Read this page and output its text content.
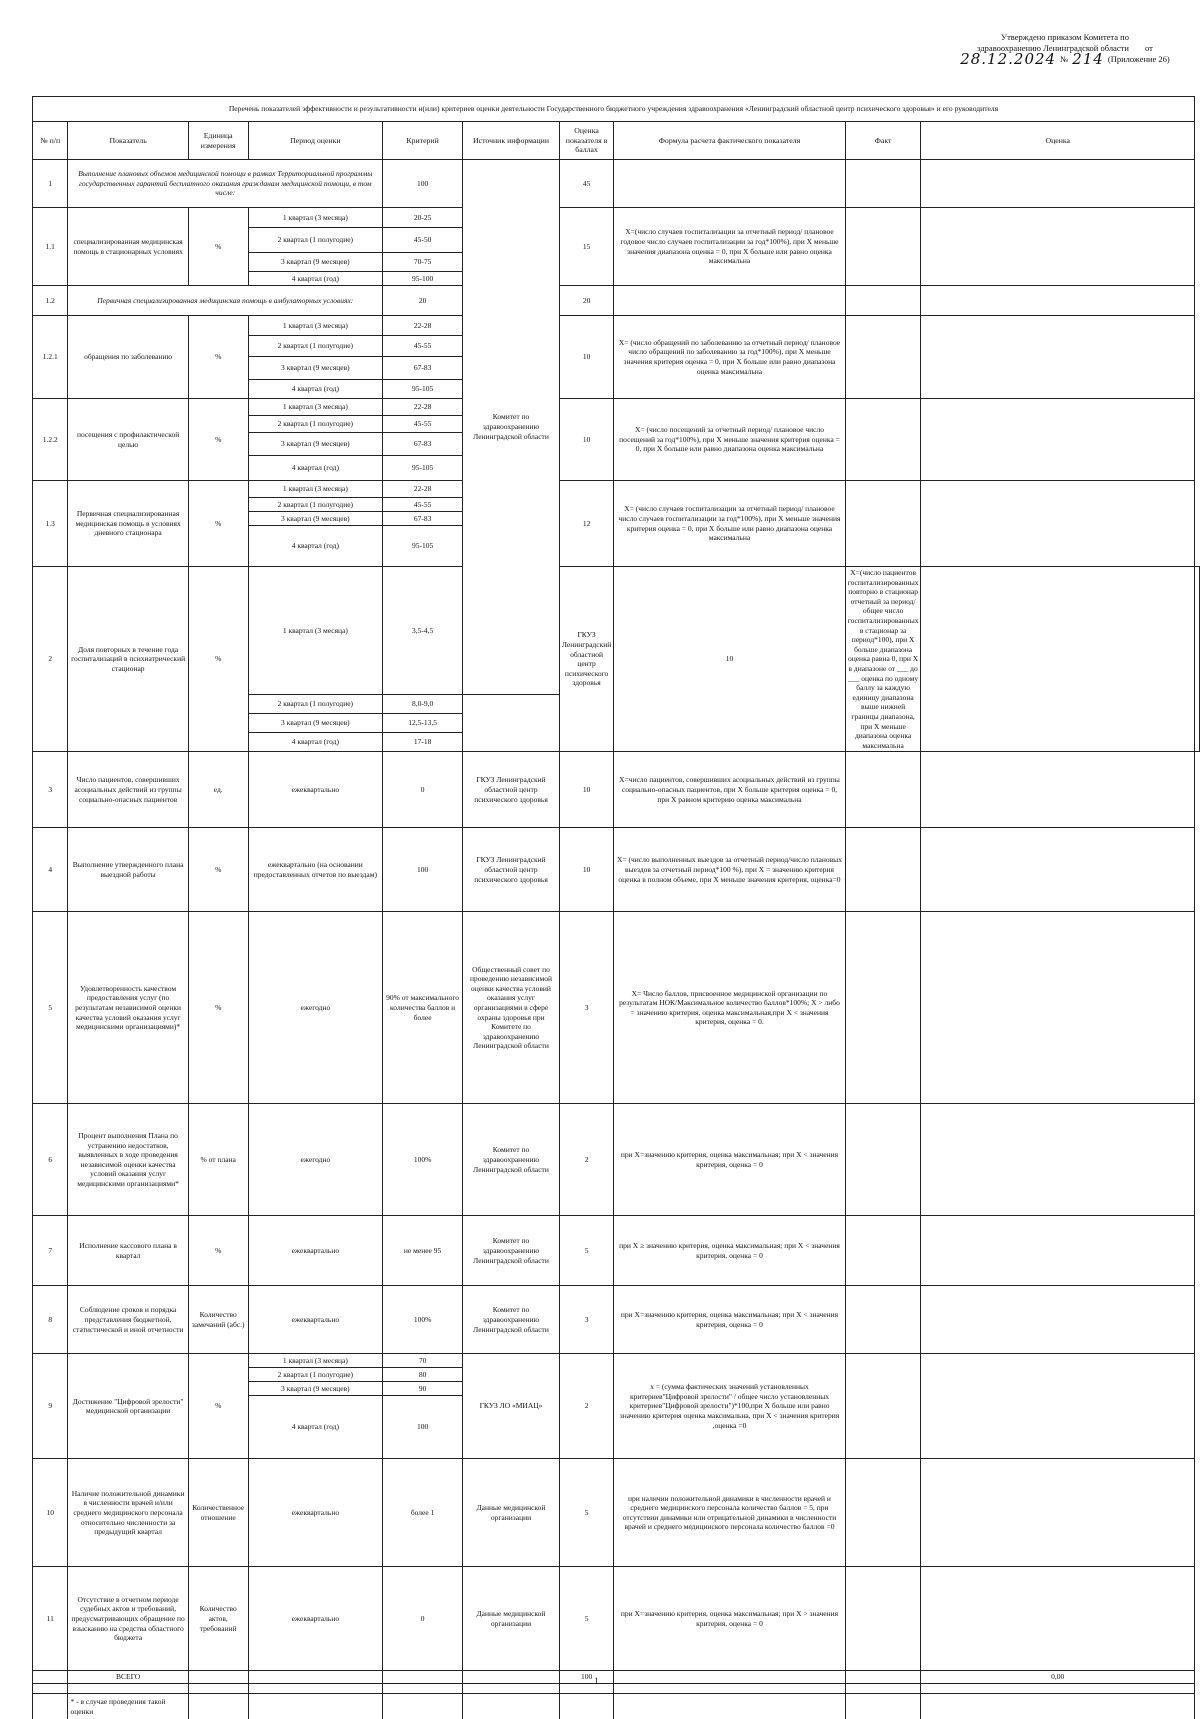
Утверждено приказом Комитета по
здравоохранению Ленинградской области от
28.12.2024 № 214 (Приложение 26)
Перечень показателей эффективности и результативности и(или) критериев оценки деятельности Государственного бюджетного учреждения здравоохранения «Ленинградский областной центр психического здоровья» и его руководителя										
№ п/п	Показатель	Единица измерения	Период оценки	Критерий	Источник информации	Оценка показателя в баллах	Формула расчета фактического показателя	Факт	Оценка	
1	Выполнение плановых объемов медицинской помощи в рамках Территориальной программы государственных гарантий бесплатного оказания гражданам медицинской помощи, в том числе:			100	Комитет по здравоохранению Ленинградской области	45				
1.1	специализированная медицинская помощь в стационарных условиях	%	1 квартал (3 месяца)	20-25		15	Х=(число случаев госпитализации за отчетный период/ плановое годовое число случаев госпитализации за год*100%), при Х меньше значения диапазона оценка = 0, при Х больше или равно оценка максимальна			
			2 квартал (1 полугодие)	45-50						
			3 квартал (9 месяцев)	70-75						
			4 квартал (год)	95-100						
1.2	Первичная специализированная медицинская помощь в амбулаторных условиях:			20		20				
1.2.1	обращения по заболеванию	%	1 квартал (3 месяца)	22-28		10	Х= (число обращений по заболеванию за отчетный период/ плановое число обращений по заболеванию за год*100%), при Х меньше значения критерия оценка = 0, при Х больше или равно диапазона оценка максимальна			
			2 квартал (1 полугодие)	45-55						
			3 квартал (9 месяцев)	67-83						
			4 квартал (год)	95-105						
1.2.2	посещения с профилактической целью	%	1 квартал (3 месяца)	22-28		10	Х= (число посещений за отчетный период/ плановое число посещений за год*100%), при Х меньше значения критерия оценка = 0, при Х больше или равно диапазона оценка максимальна			
			2 квартал (1 полугодие)	45-55						
			3 квартал (9 месяцев)	67-83						
			4 квартал (год)	95-105						
1.3	Первичная специализированная медицинская помощь в условиях дневного стационара	%	1 квартал (3 месяца)	22-28		12	Х= (число случаев госпитализации за отчетный период/ плановое число случаев госпитализации за год*100%), при Х меньше значения критерия оценка = 0, при Х больше или равно диапазона оценка максимальна			
			2 квартал (1 полугодие)	45-55						
			3 квартал (9 месяцев)	67-83						
			4 квартал (год)	95-105						
2	Доля повторных в течение года госпитализаций в психиатрический стационар	%	1 квартал (3 месяца)	3,5-4,5		ГКУЗ Ленинградский областной центр психического здоровья	10	Х=(число пациентов госпитализированных повторно в стационар отчетный за период/общее число госпитализированных в стационар за период*100), при Х больше диапазона оценка равна 0, при Х в диапазоне от ___ до ___ оценка по одному баллу за каждую единицу диапазона выше нижней границы диапазона, при Х меньше диапазона оценка максимальна		
			2 квартал (1 полугодие)	8,0-9,0						
			3 квартал (9 месяцев)	12,5-13,5						
			4 квартал (год)	17-18						
3	Число пациентов, совершивших асоциальных действий из группы социально-опасных пациентов	ед.	ежеквартально	0	ГКУЗ Ленинградский областной центр психического здоровья	10	Х=число пациентов, совершивших асоциальных действий из группы социально-опасных пациентов, при Х больше критерия оценка = 0, при Х равном критерию оценка максимальна			
4	Выполнение утвержденного плана выездной работы	%	ежеквартально (на основании предоставленных отчетов по выездам)	100	ГКУЗ Ленинградский областной центр психического здоровья	10	Х= (число выполненных выездов за отчетный период/число плановых выездов за отчетный период*100 %), при Х = значению критерия оценка в полном объеме, при Х меньше значения критерия, оценка=0			
5	Удовлетворенность качеством предоставления услуг (по результатам независимой оценки качества условий оказания услуг медицинскими организациями)*	%	ежегодно	90% от максимального количества баллов и более	Общественный совет по проведению независимой оценки качества условий оказания услуг организациями в сфере охраны здоровья при Комитете по здравоохранению Ленинградской области	3	Х= Число баллов, присвоенное медицинской организации по результатам НОК/Максимальное количество баллов*100%; Х > либо = значению критерия, оценка максимальная,при Х < значения критерия, оценка = 0.			
6	Процент выполнения Плана по устранению недостатков, выявленных в ходе проведения независимой оценки качества условий оказания услуг медицинскими организациями*	% от плана	ежегодно	100%	Комитет по здравоохранению Ленинградской области	2	при Х=значению критерия, оценка максимальная; при Х < значения критерия, оценка = 0			
7	Исполнение кассового плана в квартал	%	ежеквартально	не менее 95	Комитет по здравоохранению Ленинградской области	5	при Х ≥ значению критерия, оценка максимальная; при Х < значения критерия, оценка = 0			
8	Соблюдение сроков и порядка представления бюджетной, статистической и иной отчетности	Количество замечаний (абс.)	ежеквартально	100%	Комитет по здравоохранению Ленинградской области	3	при Х=значению критерия, оценка максимальная; при Х < значения критерия, оценка = 0			
9	Достижение "Цифровой зрелости" медицинской организации	%	1 квартал (3 месяца)	70	ГКУЗ ЛО «МИАЦ»	2	х = (сумма фактических значений установленных критериев"Цифровой зрелости" / общее число установленных критериев"Цифровой зрелости")*100,при Х больше или равно значению критерия оценка максимальна, при Х < значения критерия ,оценка =0			
			2 квартал (1 полугодие)	80						
			3 квартал (9 месяцев)	90						
			4 квартал (год)	100						
10	Наличие положительной динамики в численности врачей и/или среднего медицинского персонала относительно численности за предыдущий квартал	Количественное отношение	ежеквартально	более 1	Данные медицинской организации	5	при наличии положительной динамики в численности врачей и среднего медицинского персонала количество баллов = 5, при отсутствии динамики или отрицательной динамики в численности врачей и среднего медицинского персонала количество баллов =0			
11	Отсутствие в отчетном периоде судебных актов и требований, предусматривающих обращение по взысканию на средства областного бюджета	Количество актов, требований	ежеквартально	0	Данные медицинской организации	5	при Х=значению критерия, оценка максимальная; при Х > значения критерия, оценка = 0			
	ВСЕГО					100			0,00	

	* - в случае проведения такой оценки									
1
